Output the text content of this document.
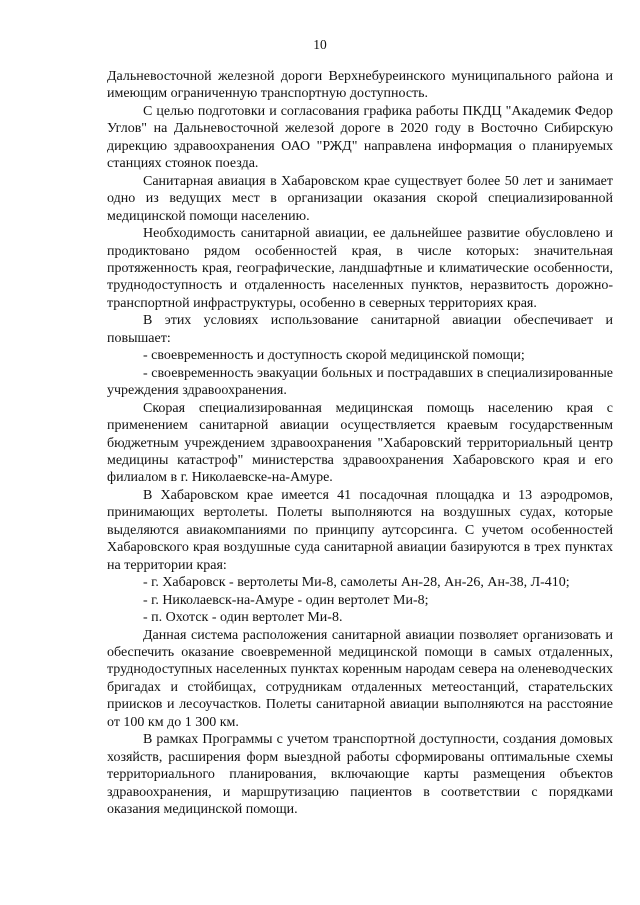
10

Дальневосточной железной дороги Верхнебуреинского муниципального района и имеющим ограниченную транспортную доступность.

С целью подготовки и согласования графика работы ПКДЦ "Академик Федор Углов" на Дальневосточной железой дороге в 2020 году в Восточно Сибирскую дирекцию здравоохранения ОАО "РЖД" направлена информация о планируемых станциях стоянок поезда.

Санитарная авиация в Хабаровском крае существует более 50 лет и занимает одно из ведущих мест в организации оказания скорой специализированной медицинской помощи населению.

Необходимость санитарной авиации, ее дальнейшее развитие обусловлено и продиктовано рядом особенностей края, в числе которых: значительная протяженность края, географические, ландшафтные и климатические особенности, труднодоступность и отдаленность населенных пунктов, неразвитость дорожно-транспортной инфраструктуры, особенно в северных территориях края.

В этих условиях использование санитарной авиации обеспечивает и повышает:

- своевременность и доступность скорой медицинской помощи;

- своевременность эвакуации больных и пострадавших в специализированные учреждения здравоохранения.

Скорая специализированная медицинская помощь населению края с применением санитарной авиации осуществляется краевым государственным бюджетным учреждением здравоохранения "Хабаровский территориальный центр медицины катастроф" министерства здравоохранения Хабаровского края и его филиалом в г. Николаевске-на-Амуре.

В Хабаровском крае имеется 41 посадочная площадка и 13 аэродромов, принимающих вертолеты. Полеты выполняются на воздушных судах, которые выделяются авиакомпаниями по принципу аутсорсинга. С учетом особенностей Хабаровского края воздушные суда санитарной авиации базируются в трех пунктах на территории края:

- г. Хабаровск - вертолеты Ми-8, самолеты Ан-28, Ан-26, Ан-38, Л-410;

- г. Николаевск-на-Амуре - один вертолет Ми-8;

- п. Охотск - один вертолет Ми-8.

Данная система расположения санитарной авиации позволяет организовать и обеспечить оказание своевременной медицинской помощи в самых отдаленных, труднодоступных населенных пунктах коренным народам севера на оленеводческих бригадах и стойбищах, сотрудникам отдаленных метеостанций, старательских приисков и лесоучастков. Полеты санитарной авиации выполняются на расстояние от 100 км до 1 300 км.

В рамках Программы с учетом транспортной доступности, создания домовых хозяйств, расширения форм выездной работы сформированы оптимальные схемы территориального планирования, включающие карты размещения объектов здравоохранения, и маршрутизацию пациентов в соответствии с порядками оказания медицинской помощи.
